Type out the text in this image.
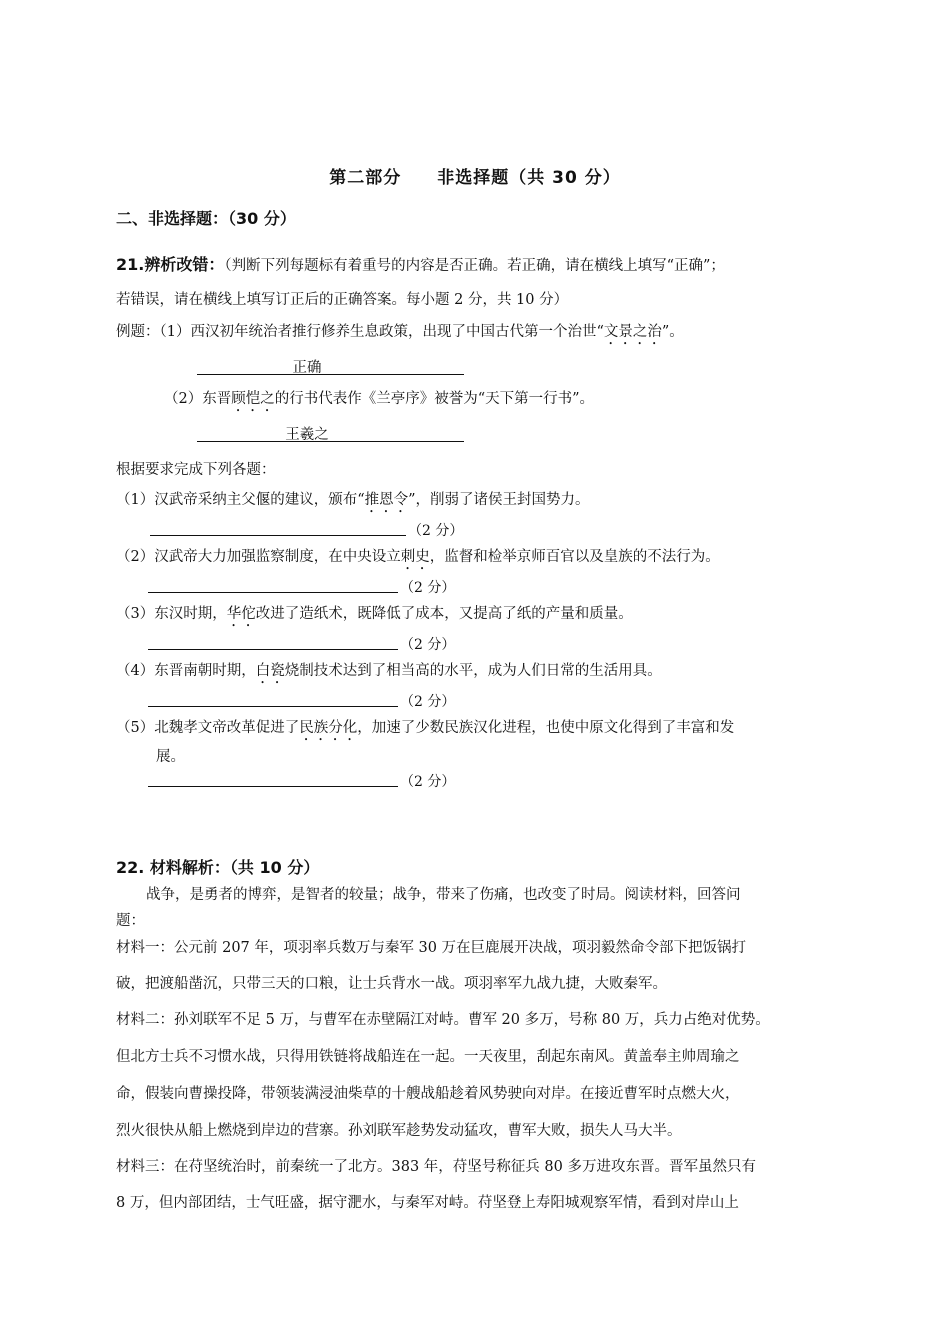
第二部分 非选择题（共 30 分）
二、非选择题：（30 分）
21.辨析改错：（判断下列每题标有着重号的内容是否正确。若正确，请在横线上填写“正确”；
若错误，请在横线上填写订正后的正确答案。每小题 2 分，共 10 分）
例题：（1）西汉初年统治者推行修养生息政策，出现了中国古代第一个治世“文景之治”。
正确
（2）东晋顾恺之的行书代表作《兰亭序》被誉为“天下第一行书”。
王羲之
根据要求完成下列各题：
（1）汉武帝采纳主父偃的建议，颁布“推恩令”，削弱了诸侯王封国势力。
（2 分）
（2）汉武帝大力加强监察制度，在中央设立刺史，监督和检举京师百官以及皇族的不法行为。
（2 分）
（3）东汉时期，华佗改进了造纸术，既降低了成本，又提高了纸的产量和质量。
（2 分）
（4）东晋南朝时期，白瓷烧制技术达到了相当高的水平，成为人们日常的生活用具。
（2 分）
（5）北魏孝文帝改革促进了民族分化，加速了少数民族汉化进程，也使中原文化得到了丰富和发
展。
（2 分）
22. 材料解析：（共 10 分）
战争，是勇者的博弈，是智者的较量；战争，带来了伤痛，也改变了时局。阅读材料，回答问
题：
材料一：公元前 207 年，项羽率兵数万与秦军 30 万在巨鹿展开决战，项羽毅然命令部下把饭锅打
破，把渡船凿沉，只带三天的口粮，让士兵背水一战。项羽率军九战九捷，大败秦军。
材料二：孙刘联军不足 5 万，与曹军在赤壁隔江对峙。曹军 20 多万，号称 80 万，兵力占绝对优势。
但北方士兵不习惯水战，只得用铁链将战船连在一起。一天夜里，刮起东南风。黄盖奉主帅周瑜之
命，假装向曹操投降，带领装满浸油柴草的十艘战船趁着风势驶向对岸。在接近曹军时点燃大火，
烈火很快从船上燃烧到岸边的营寨。孙刘联军趁势发动猛攻，曹军大败，损失人马大半。
材料三：在苻坚统治时，前秦统一了北方。383 年，苻坚号称征兵 80 多万进攻东晋。晋军虽然只有
8 万，但内部团结，士气旺盛，据守淝水，与秦军对峙。苻坚登上寿阳城观察军情，看到对岸山上
